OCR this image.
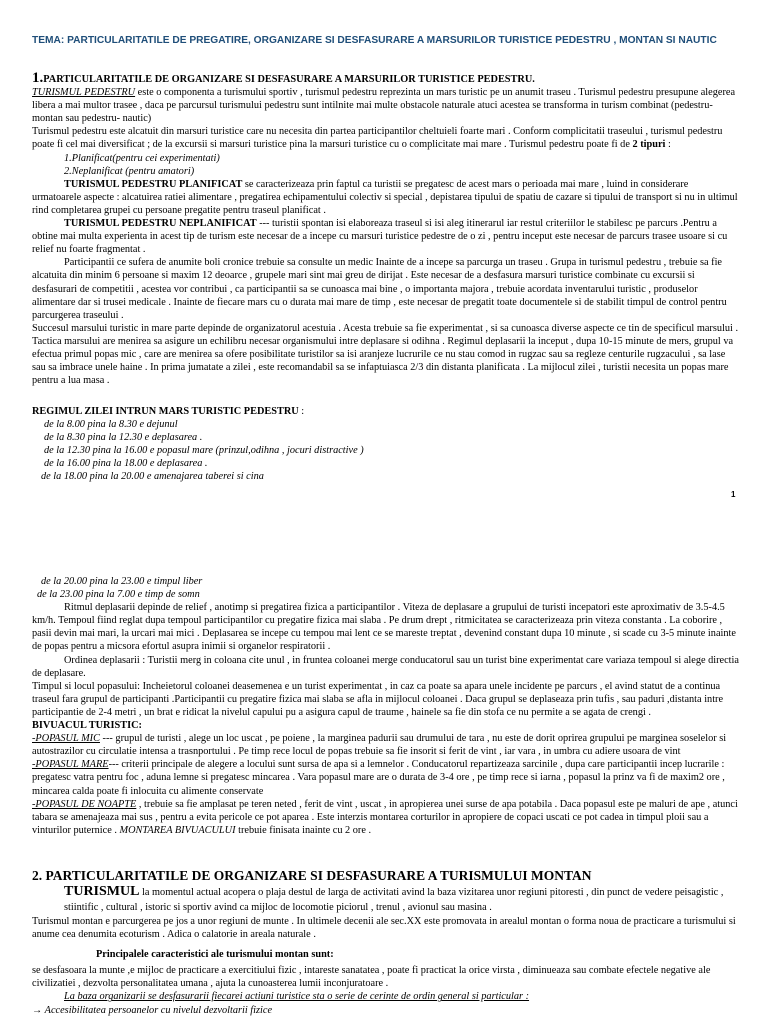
TEMA: PARTICULARITATILE DE PREGATIRE, ORGANIZARE SI DESFASURARE A MARSURILOR TURISTICE PEDESTRU , MONTAN SI NAUTIC

1.PARTICULARITATILE DE ORGANIZARE SI DESFASURARE A MARSURILOR TURISTICE PEDESTRU.

TURISMUL PEDESTRU este o componenta a turismului sportiv , turismul pedestru reprezinta un mars turistic pe un anumit traseu . Turismul pedestru presupune alegerea libera a mai multor trasee , daca pe parcursul turismului pedestru sunt intilnite mai multe obstacole naturale atuci acestea se transforma in turism combinat (pedestru- montan sau pedestru- nautic)

Turismul pedestru este alcatuit din marsuri turistice care nu necesita din partea participantilor cheltuieli foarte mari . Conform complicitatii traseului , turismul pedestru poate fi cel mai diversificat ; de la excursii si marsuri turistice pina la marsuri turistice cu o complicitate mai mare . Turismul pedestru poate fi de 2 tipuri :

1.Planificat(pentru cei experimentati)

2.Neplanificat (pentru amatori)

TURISMUL PEDESTRU PLANIFICAT se caracterizeaza prin faptul ca turistii se pregatesc de acest mars o perioada mai mare , luind in considerare urmatoarele aspecte : alcatuirea ratiei alimentare , pregatirea echipamentului colectiv si special , depistarea tipului de spatiu de cazare si tipului de transport si nu in ultimul rind completarea grupei cu persoane pregatite pentru traseul planificat .

TURISMUL PEDESTRU NEPLANIFICAT --- turistii spontan isi elaboreaza traseul si isi aleg itinerarul iar restul criteriilor le stabilesc pe parcurs .Pentru a obtine mai multa experienta in acest tip de turism este necesar de a incepe cu marsuri turistice pedestre de o zi , pentru inceput este necesar de parcurs trasee usoare si cu relief nu foarte fragmentat .

Participantii ce sufera de anumite boli cronice trebuie sa consulte un medic Inainte de a incepe sa parcurga un traseu . Grupa in turismul pedestru , trebuie sa fie alcatuita din minim 6 persoane si maxim 12 deoarce , grupele mari sint mai greu de dirijat . Este necesar de a desfasura marsuri turistice combinate cu excursii si desfasurari de competitii , acestea vor contribui , ca participantii sa se cunoasca mai bine , o importanta majora , trebuie acordata inventarului turistic , produselor alimentare dar si trusei medicale . Inainte de fiecare mars cu o durata mai mare de timp , este necesar de pregatit toate documentele si de stabilit timpul de control pentru parcurgerea traseului .

Succesul marsului turistic in mare parte depinde de organizatorul acestuia . Acesta trebuie sa fie experimentat , si sa cunoasca diverse aspecte ce tin de specificul marsului . Tactica marsului are menirea sa asigure un echilibru necesar organismului intre deplasare si odihna . Regimul deplasarii la inceput , dupa 10-15 minute de mers, grupul va efectua primul popas mic , care are menirea sa ofere posibilitate turistilor sa isi aranjeze lucrurile ce nu stau comod in rugzac sau sa regleze centurile rugzacului , sa lase sau sa imbrace unele haine . In prima jumatate a zilei , este recomandabil sa se infaptuiasca 2/3 din distanta planificata . La mijlocul zilei , turistii necesita un popas mare pentru a lua masa .

REGIMUL ZILEI INTRUN MARS TURISTIC PEDESTRU :

de la 8.00 pina la 8.30 e dejunul

de la 8.30 pina la 12.30 e deplasarea .

de la 12.30 pina la 16.00 e popasul mare (prinzul,odihna , jocuri distractive )

de la 16.00 pina la 18.00 e deplasarea .

de la 18.00 pina la 20.00 e amenajarea taberei si cina

1

de la 20.00 pina la 23.00 e timpul liber

de la 23.00 pina la 7.00 e timp de somn

Ritmul deplasarii depinde de relief , anotimp si pregatirea fizica a participantilor . Viteza de deplasare a grupului de turisti incepatori este aproximativ de 3.5-4.5 km/h. Tempoul fiind reglat dupa tempoul participantilor cu pregatire fizica mai slaba . Pe drum drept , ritmicitatea se caracterizeaza prin viteza constanta . La coborire , pasii devin mai mari, la urcari mai mici . Deplasarea se incepe cu tempou mai lent ce se mareste treptat , devenind constant dupa 10 minute , si scade cu 3-5 minute inainte de popas pentru a micsora efortul asupra inimii si organelor respiratorii .

Ordinea deplasarii : Turistii merg in coloana cite unul , in fruntea coloanei merge conducatorul sau un turist bine experimentat care variaza tempoul si alege directia de deplasare.

Timpul si locul popasului: Incheietorul coloanei deasemenea e un turist experimentat , in caz ca poate sa apara unele incidente pe parcurs , el avind statut de a continua traseul fara grupul de participanti .Participantii cu pregatire fizica mai slaba se afla in mijlocul coloanei . Daca grupul se deplaseaza prin tufis , sau paduri ,distanta intre participantie de 2-4 metri , un brat e ridicat la nivelul capului pu a asigura capul de traume , hainele sa fie din stofa ce nu permite a se agata de crengi .

BIVUACUL TURISTIC:

-POPASUL MIC --- grupul de turisti , alege un loc uscat , pe poiene , la marginea padurii sau drumului de tara , nu este de dorit oprirea grupului pe marginea soselelor si autostrazilor cu circulatie intensa a trasnportului . Pe timp rece locul de popas trebuie sa fie insorit si ferit de vint , iar vara , in umbra cu adiere usoara de vint

-POPASUL MARE--- criterii principale de alegere a locului sunt sursa de apa si a lemnelor . Conducatorul repartizeaza sarcinile , dupa care participantii incep lucrarile : pregatesc vatra pentru foc , aduna lemne si pregatesc mincarea . Vara popasul mare are o durata de 3-4 ore , pe timp rece si iarna , popasul la prinz va fi de maxim2 ore , mincarea calda poate fi inlocuita cu alimente conservate

-POPASUL DE NOAPTE , trebuie sa fie amplasat pe teren neted , ferit de vint , uscat , in apropierea unei surse de apa potabila . Daca popasul este pe maluri de ape , atunci tabara se amenajeaza mai sus , pentru a evita pericole ce pot aparea . Este interzis montarea corturilor in apropiere de copaci uscati ce pot cadea in timpul ploii sau a vinturilor puternice . MONTAREA BIVUACULUI trebuie finisata inainte cu 2 ore .

2. PARTICULARITATILE DE ORGANIZARE SI DESFASURARE A TURISMULUI MONTAN

TURISMUL la momentul actual acopera o plaja destul de larga de activitati avind la baza vizitarea unor regiuni pitoresti , din punct de vedere peisagistic , stiintific , cultural , istoric si sportiv avind ca mijloc de locomotie piciorul , trenul , avionul sau masina .

Turismul montan e parcurgerea pe jos a unor regiuni de munte . In ultimele decenii ale sec.XX este promovata in arealul montan o forma noua de practicare a turismului si anume cea denumita ecoturism . Adica o calatorie in areala naturale .

Principalele caracteristici ale turismului montan sunt:

se desfasoara la munte ,e mijloc de practicare a exercitiului fizic , intareste sanatatea , poate fi practicat la orice virsta , diminueaza sau combate efectele negative ale civilizatiei , dezvolta personalitatea umana , ajuta la cunoasterea lumii inconjuratoare .

La baza organizarii se desfasurarii fiecarei actiuni turistice sta o serie de cerinte de ordin general si particular :

→ Accesibilitatea persoanelor cu nivelul dezvoltarii fizice
